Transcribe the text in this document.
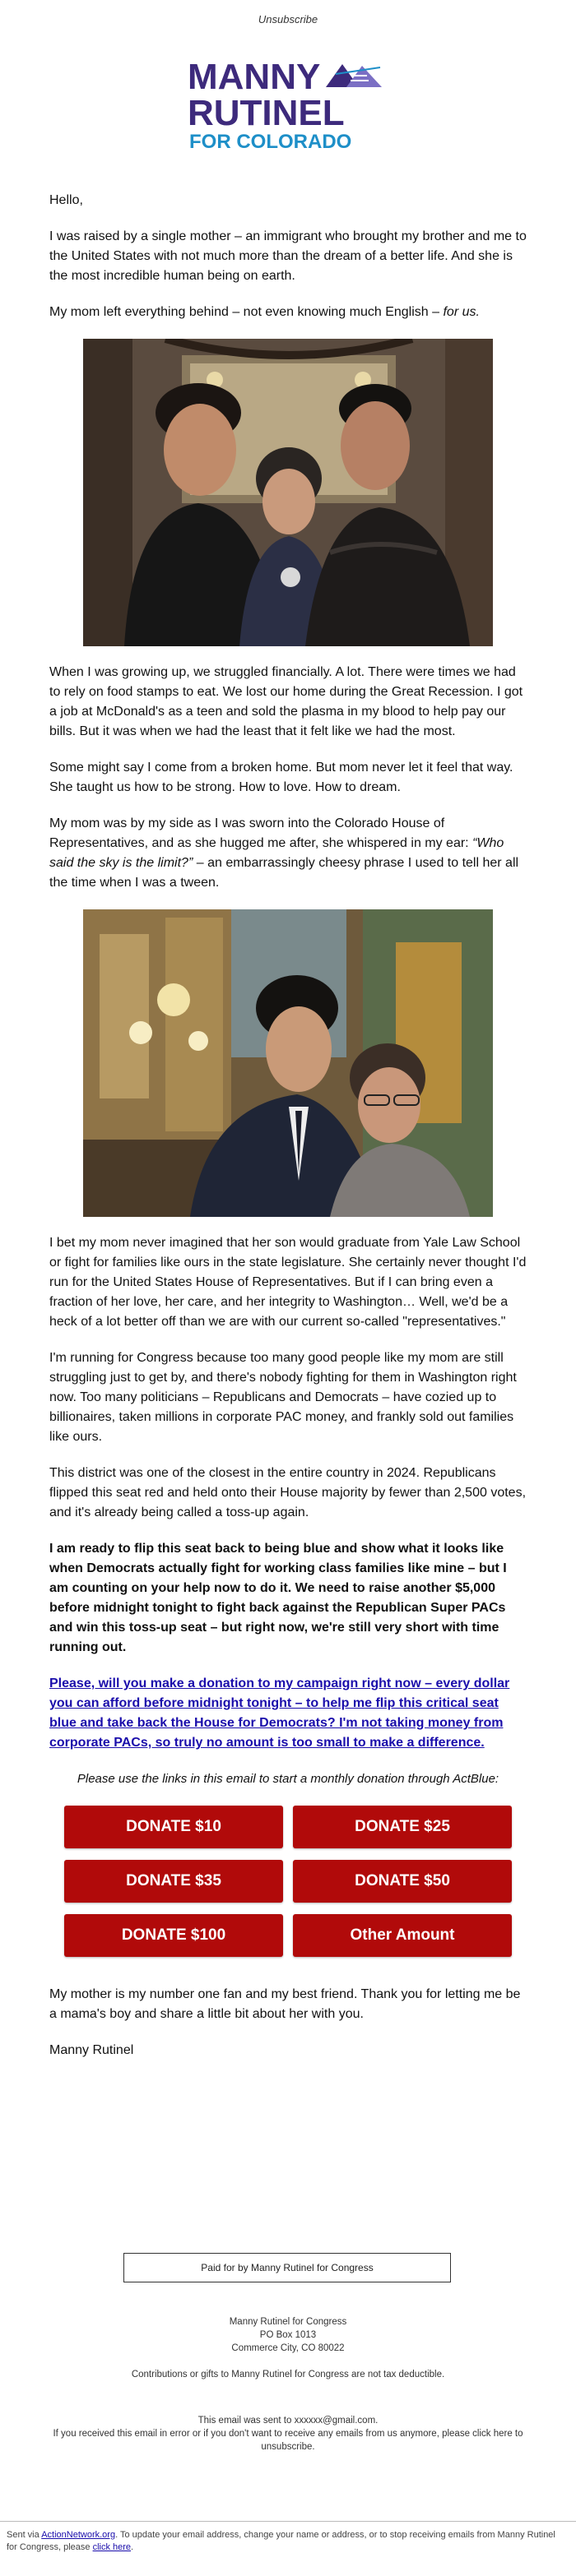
Unsubscribe
MANNY
RUTINEL
FOR COLORADO

Hello,

I was raised by a single mother – an immigrant who brought my brother and me to the United States with not much more than the dream of a better life. And she is the most incredible human being on earth.

My mom left everything behind – not even knowing much English – for us.

When I was growing up, we struggled financially. A lot. There were times we had to rely on food stamps to eat. We lost our home during the Great Recession. I got a job at McDonald's as a teen and sold the plasma in my blood to help pay our bills. But it was when we had the least that it felt like we had the most.

Some might say I come from a broken home. But mom never let it feel that way. She taught us how to be strong. How to love. How to dream.

My mom was by my side as I was sworn into the Colorado House of Representatives, and as she hugged me after, she whispered in my ear: “Who said the sky is the limit?” – an embarrassingly cheesy phrase I used to tell her all the time when I was a tween.

I bet my mom never imagined that her son would graduate from Yale Law School or fight for families like ours in the state legislature. She certainly never thought I'd run for the United States House of Representatives. But if I can bring even a fraction of her love, her care, and her integrity to Washington… Well, we'd be a heck of a lot better off than we are with our current so-called "representatives."

I'm running for Congress because too many good people like my mom are still struggling just to get by, and there's nobody fighting for them in Washington right now. Too many politicians – Republicans and Democrats – have cozied up to billionaires, taken millions in corporate PAC money, and frankly sold out families like ours.

This district was one of the closest in the entire country in 2024. Republicans flipped this seat red and held onto their House majority by fewer than 2,500 votes, and it's already being called a toss-up again.

I am ready to flip this seat back to being blue and show what it looks like when Democrats actually fight for working class families like mine – but I am counting on your help now to do it. We need to raise another $5,000 before midnight tonight to fight back against the Republican Super PACs and win this toss-up seat – but right now, we're still very short with time running out.

Please, will you make a donation to my campaign right now – every dollar you can afford before midnight tonight – to help me flip this critical seat blue and take back the House for Democrats? I'm not taking money from corporate PACs, so truly no amount is too small to make a difference.

Please use the links in this email to start a monthly donation through ActBlue:

DONATE $10	DONATE $25
DONATE $35	DONATE $50
DONATE $100	Other Amount

My mother is my number one fan and my best friend. Thank you for letting me be a mama's boy and share a little bit about her with you.

Manny Rutinel

Paid for by Manny Rutinel for Congress

Manny Rutinel for Congress

PO Box 1013

Commerce City, CO 80022

Contributions or gifts to Manny Rutinel for Congress are not tax deductible.

This email was sent to xxxxxx@gmail.com.

If you received this email in error or if you don't want to receive any emails from us anymore, please click here to unsubscribe.

Sent via ActionNetwork.org. To update your email address, change your name or address, or to stop receiving emails from Manny Rutinel for Congress, please click here.
